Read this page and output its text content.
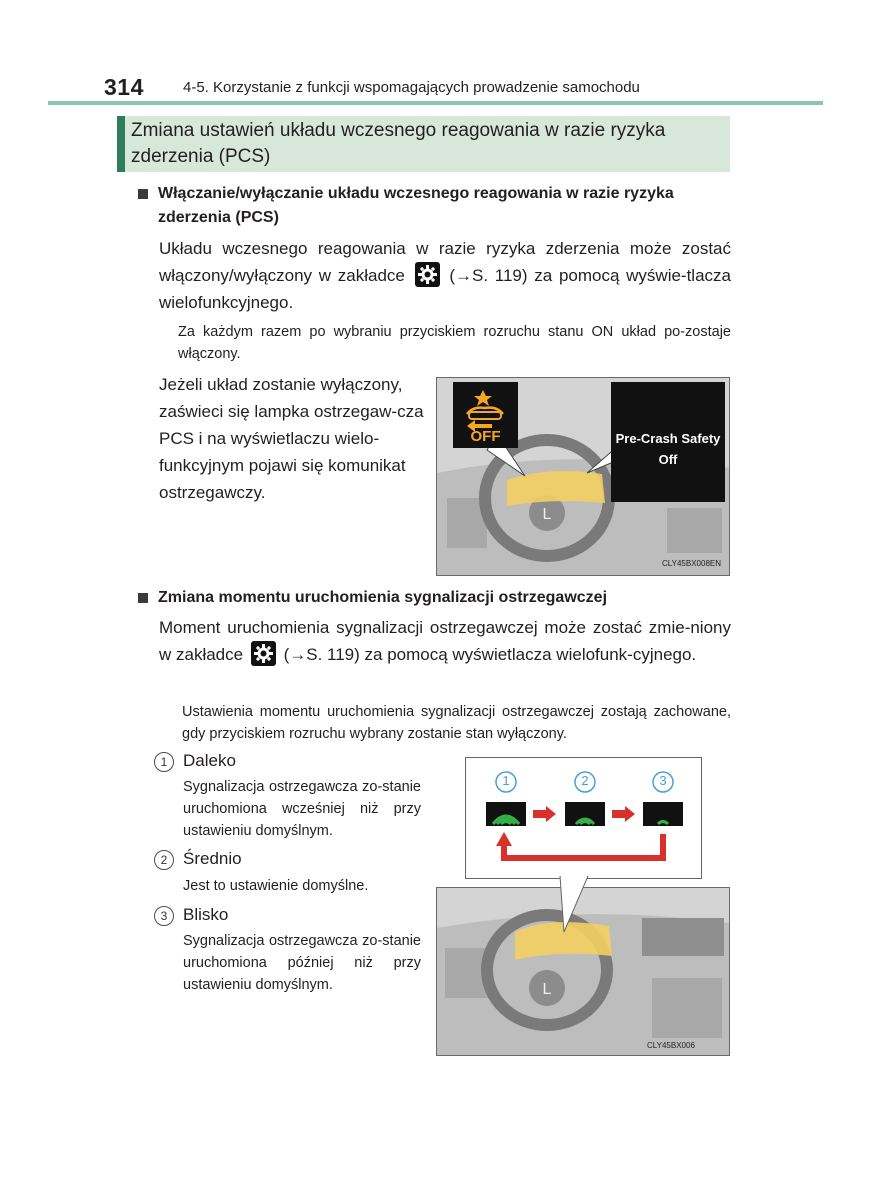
314	4-5. Korzystanie z funkcji wspomagających prowadzenie samochodu
Zmiana ustawień układu wczesnego reagowania w razie ryzyka zderzenia (PCS)
Włączanie/wyłączanie układu wczesnego reagowania w razie ryzyka zderzenia (PCS)
Układu wczesnego reagowania w razie ryzyka zderzenia może zostać włączony/wyłączony w zakładce	(→S. 119) za pomocą wyświe-tlacza wielofunkcyjnego.
Za każdym razem po wybraniu przyciskiem rozruchu stanu ON układ po-zostaje włączony.
Jeżeli układ zostanie wyłączony, zaświeci się lampka ostrzegaw-cza PCS i na wyświetlaczu wielo-funkcyjnym pojawi się komunikat ostrzegawczy.
L
CLY45BX008EN
OFF	Pre-Crash Safety
Off
Zmiana momentu uruchomienia sygnalizacji ostrzegawczej
Moment uruchomienia sygnalizacji ostrzegawczej może zostać zmie-niony w zakładce (→S. 119) za pomocą wyświetlacza wielofunk-cyjnego.
Ustawienia momentu uruchomienia sygnalizacji ostrzegawczej zostają zachowane, gdy przyciskiem rozruchu wybrany zostanie stan wyłączony.
1 Daleko
Sygnalizacja ostrzegawcza zo-stanie uruchomiona wcześniej niż przy ustawieniu domyślnym.
2 Średnio
Jest to ustawienie domyślne.
3 Blisko
Sygnalizacja ostrzegawcza zo-stanie uruchomiona później niż przy ustawieniu domyślnym.	L
CLY45BX006
1	2	3
